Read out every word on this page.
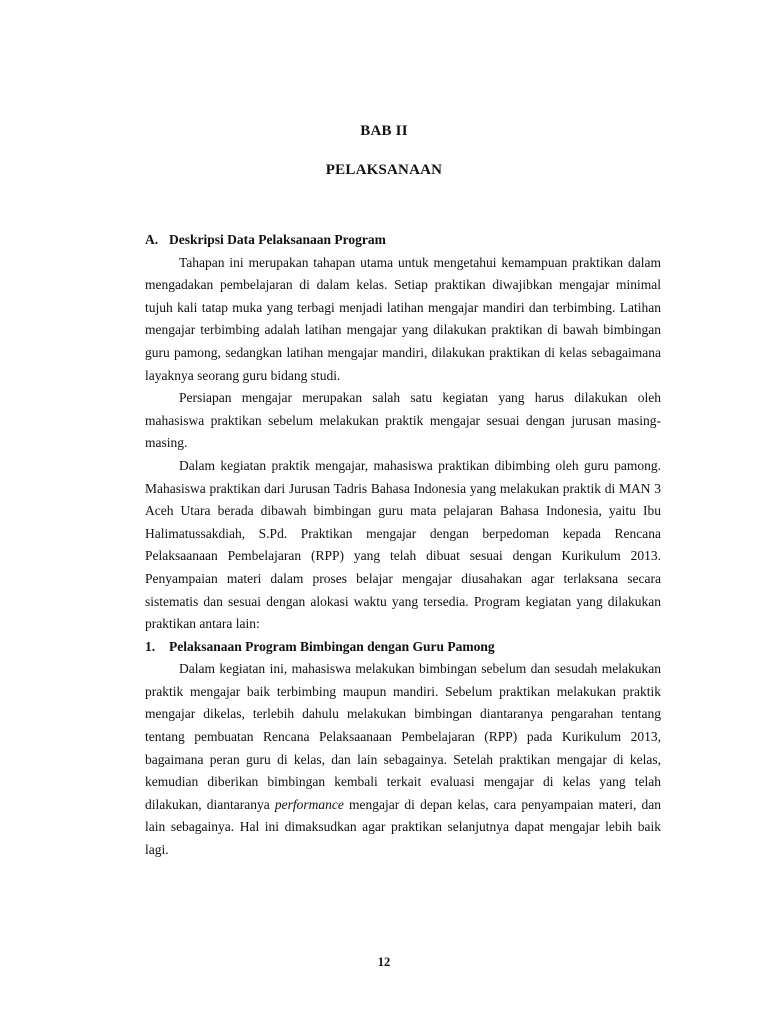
BAB II
PELAKSANAAN
A. Deskripsi Data Pelaksanaan Program

Tahapan ini merupakan tahapan utama untuk mengetahui kemampuan praktikan dalam mengadakan pembelajaran di dalam kelas. Setiap praktikan diwajibkan mengajar minimal tujuh kali tatap muka yang terbagi menjadi latihan mengajar mandiri dan terbimbing. Latihan mengajar terbimbing adalah latihan mengajar yang dilakukan praktikan di bawah bimbingan guru pamong, sedangkan latihan mengajar mandiri, dilakukan praktikan di kelas sebagaimana layaknya seorang guru bidang studi.

Persiapan mengajar merupakan salah satu kegiatan yang harus dilakukan oleh mahasiswa praktikan sebelum melakukan praktik mengajar sesuai dengan jurusan masing-masing.

Dalam kegiatan praktik mengajar, mahasiswa praktikan dibimbing oleh guru pamong. Mahasiswa praktikan dari Jurusan Tadris Bahasa Indonesia yang melakukan praktik di MAN 3 Aceh Utara berada dibawah bimbingan guru mata pelajaran Bahasa Indonesia, yaitu Ibu Halimatussakdiah, S.Pd. Praktikan mengajar dengan berpedoman kepada Rencana Pelaksaanaan Pembelajaran (RPP) yang telah dibuat sesuai dengan Kurikulum 2013. Penyampaian materi dalam proses belajar mengajar diusahakan agar terlaksana secara sistematis dan sesuai dengan alokasi waktu yang tersedia. Program kegiatan yang dilakukan praktikan antara lain:

1.	Pelaksanaan Program Bimbingan dengan Guru Pamong

Dalam kegiatan ini, mahasiswa melakukan bimbingan sebelum dan sesudah melakukan praktik mengajar baik terbimbing maupun mandiri. Sebelum praktikan melakukan praktik mengajar dikelas, terlebih dahulu melakukan bimbingan diantaranya pengarahan tentang tentang pembuatan Rencana Pelaksaanaan Pembelajaran (RPP) pada Kurikulum 2013, bagaimana peran guru di kelas, dan lain sebagainya. Setelah praktikan mengajar di kelas, kemudian diberikan bimbingan kembali terkait evaluasi mengajar di kelas yang telah dilakukan, diantaranya performance mengajar di depan kelas, cara penyampaian materi, dan lain sebagainya. Hal ini dimaksudkan agar praktikan selanjutnya dapat mengajar lebih baik lagi.

12
